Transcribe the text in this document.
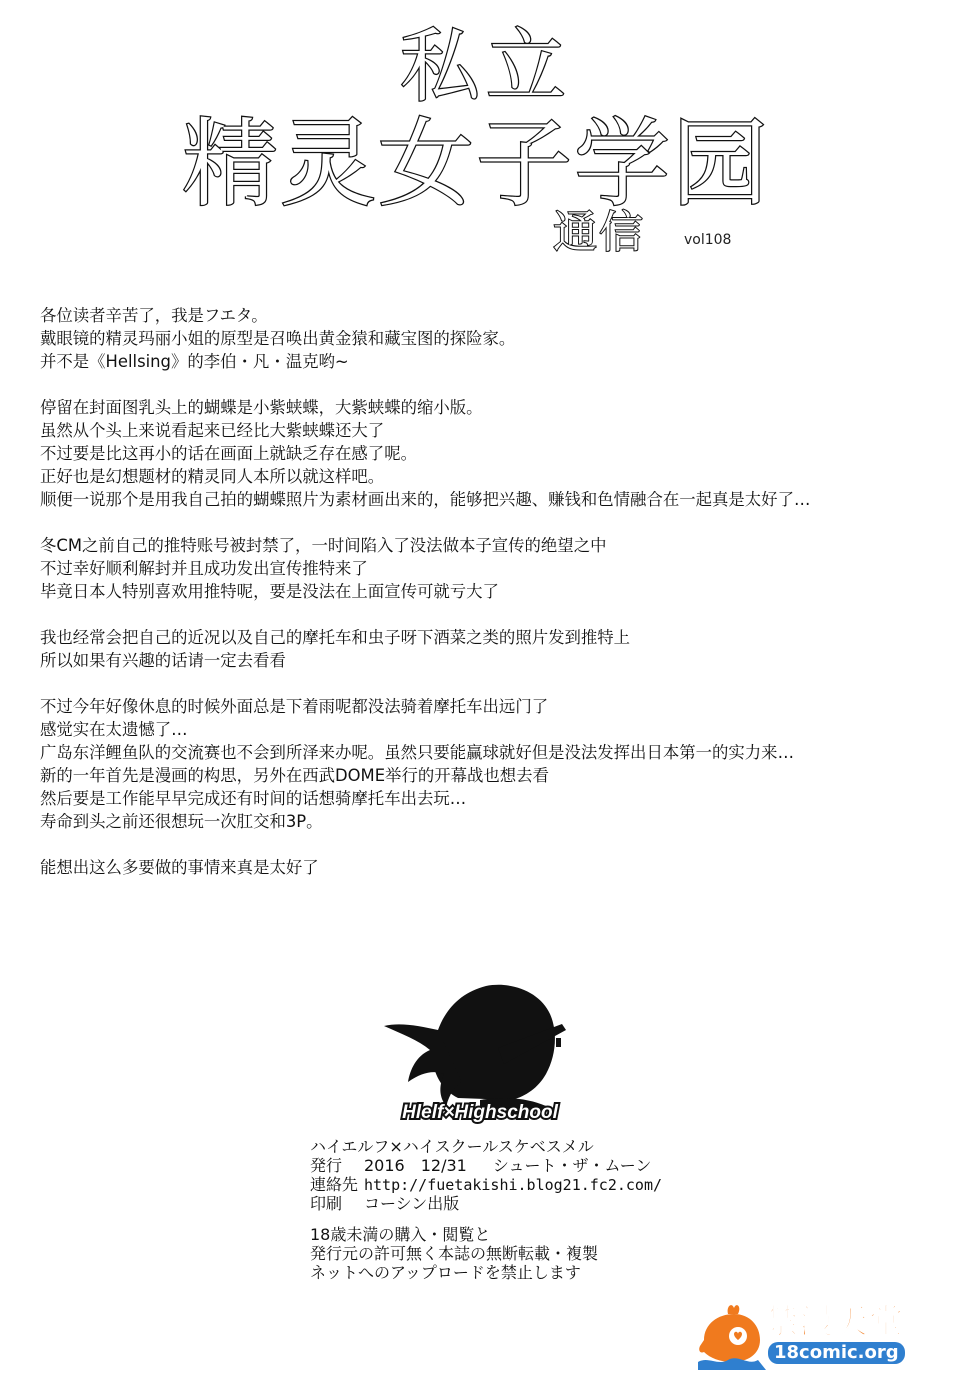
私立
精灵女子学园
通信	vol108
各位读者辛苦了，我是フエタ。
戴眼镜的精灵玛丽小姐的原型是召唤出黄金猿和藏宝图的探险家。
并不是《Hellsing》的李伯・凡・温克哟~
停留在封面图乳头上的蝴蝶是小紫蛱蝶，大紫蛱蝶的缩小版。
虽然从个头上来说看起来已经比大紫蛱蝶还大了
不过要是比这再小的话在画面上就缺乏存在感了呢。
正好也是幻想题材的精灵同人本所以就这样吧。
顺便一说那个是用我自己拍的蝴蝶照片为素材画出来的，能够把兴趣、赚钱和色情融合在一起真是太好了…
冬CM之前自己的推特账号被封禁了，一时间陷入了没法做本子宣传的绝望之中
不过幸好顺利解封并且成功发出宣传推特来了
毕竟日本人特别喜欢用推特呢，要是没法在上面宣传可就亏大了
我也经常会把自己的近况以及自己的摩托车和虫子呀下酒菜之类的照片发到推特上
所以如果有兴趣的话请一定去看看
不过今年好像休息的时候外面总是下着雨呢都没法骑着摩托车出远门了
感觉实在太遗憾了…
广岛东洋鲤鱼队的交流赛也不会到所泽来办呢。虽然只要能赢球就好但是没法发挥出日本第一的实力来…
新的一年首先是漫画的构思，另外在西武DOME举行的开幕战也想去看
然后要是工作能早早完成还有时间的话想骑摩托车出去玩…
寿命到头之前还很想玩一次肛交和3P。
能想出这么多要做的事情来真是太好了
Hlelf×Highschool
ハイエルフ×ハイスクールスケベスメル
発行 2016　12/31 シュート・ザ・ムーン
連絡先 http://fuetakishi.blog21.fc2.com/
印刷 コーシン出版
18歳未満の購入・閲覧と
発行元の許可無く本誌の無断転載・複製
ネットへのアップロードを禁止します
禁漫天堂
18comic.org
